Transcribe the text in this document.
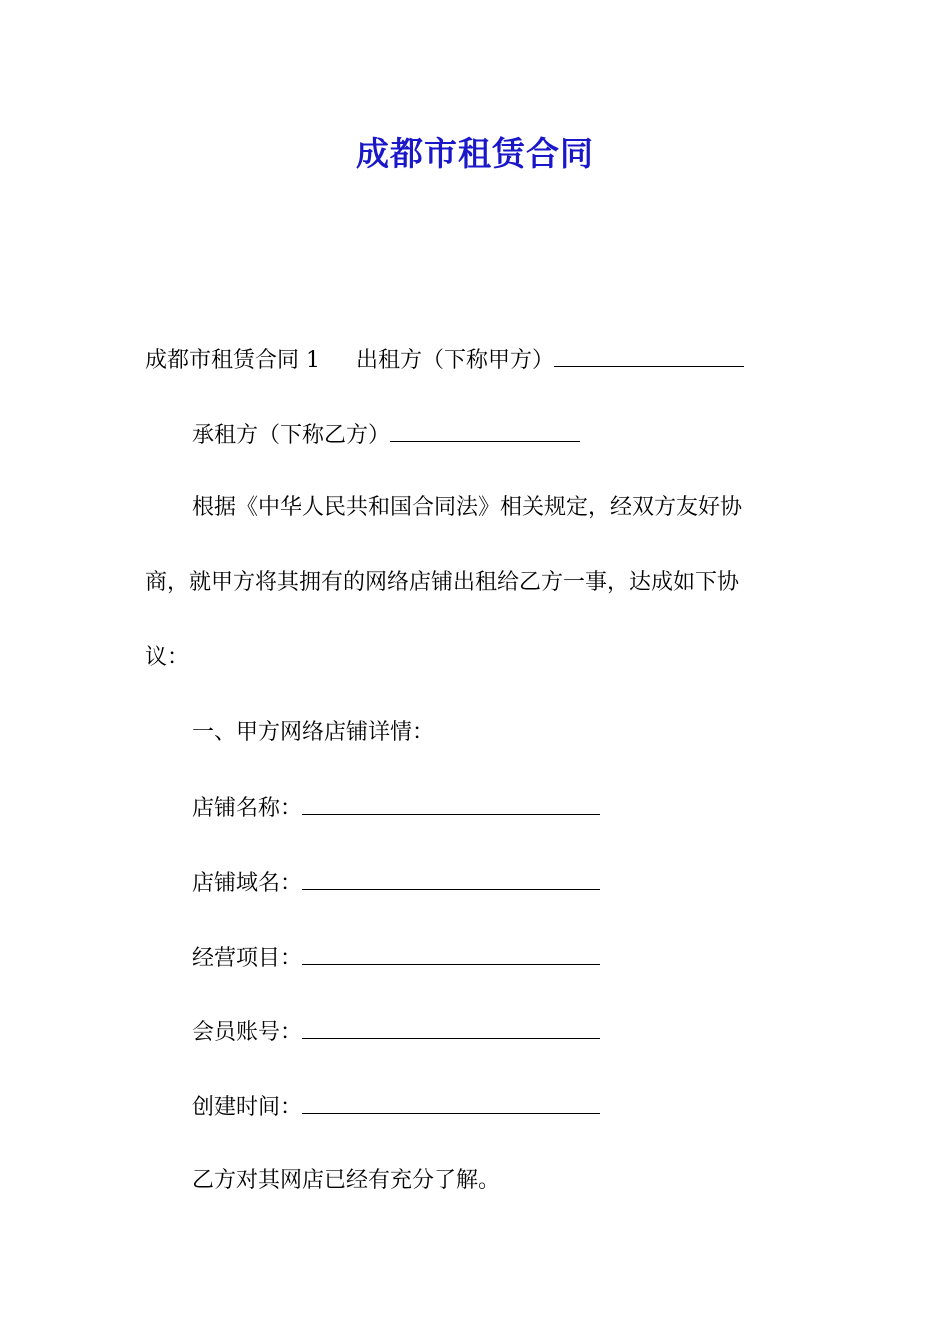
成都市租赁合同
成都市租赁合同 1 出租方（下称甲方）
承租方（下称乙方）
根据《中华人民共和国合同法》相关规定，经双方友好协
商，就甲方将其拥有的网络店铺出租给乙方一事，达成如下协
议：
一、甲方网络店铺详情：
店铺名称：
店铺域名：
经营项目：
会员账号：
创建时间：
乙方对其网店已经有充分了解。
